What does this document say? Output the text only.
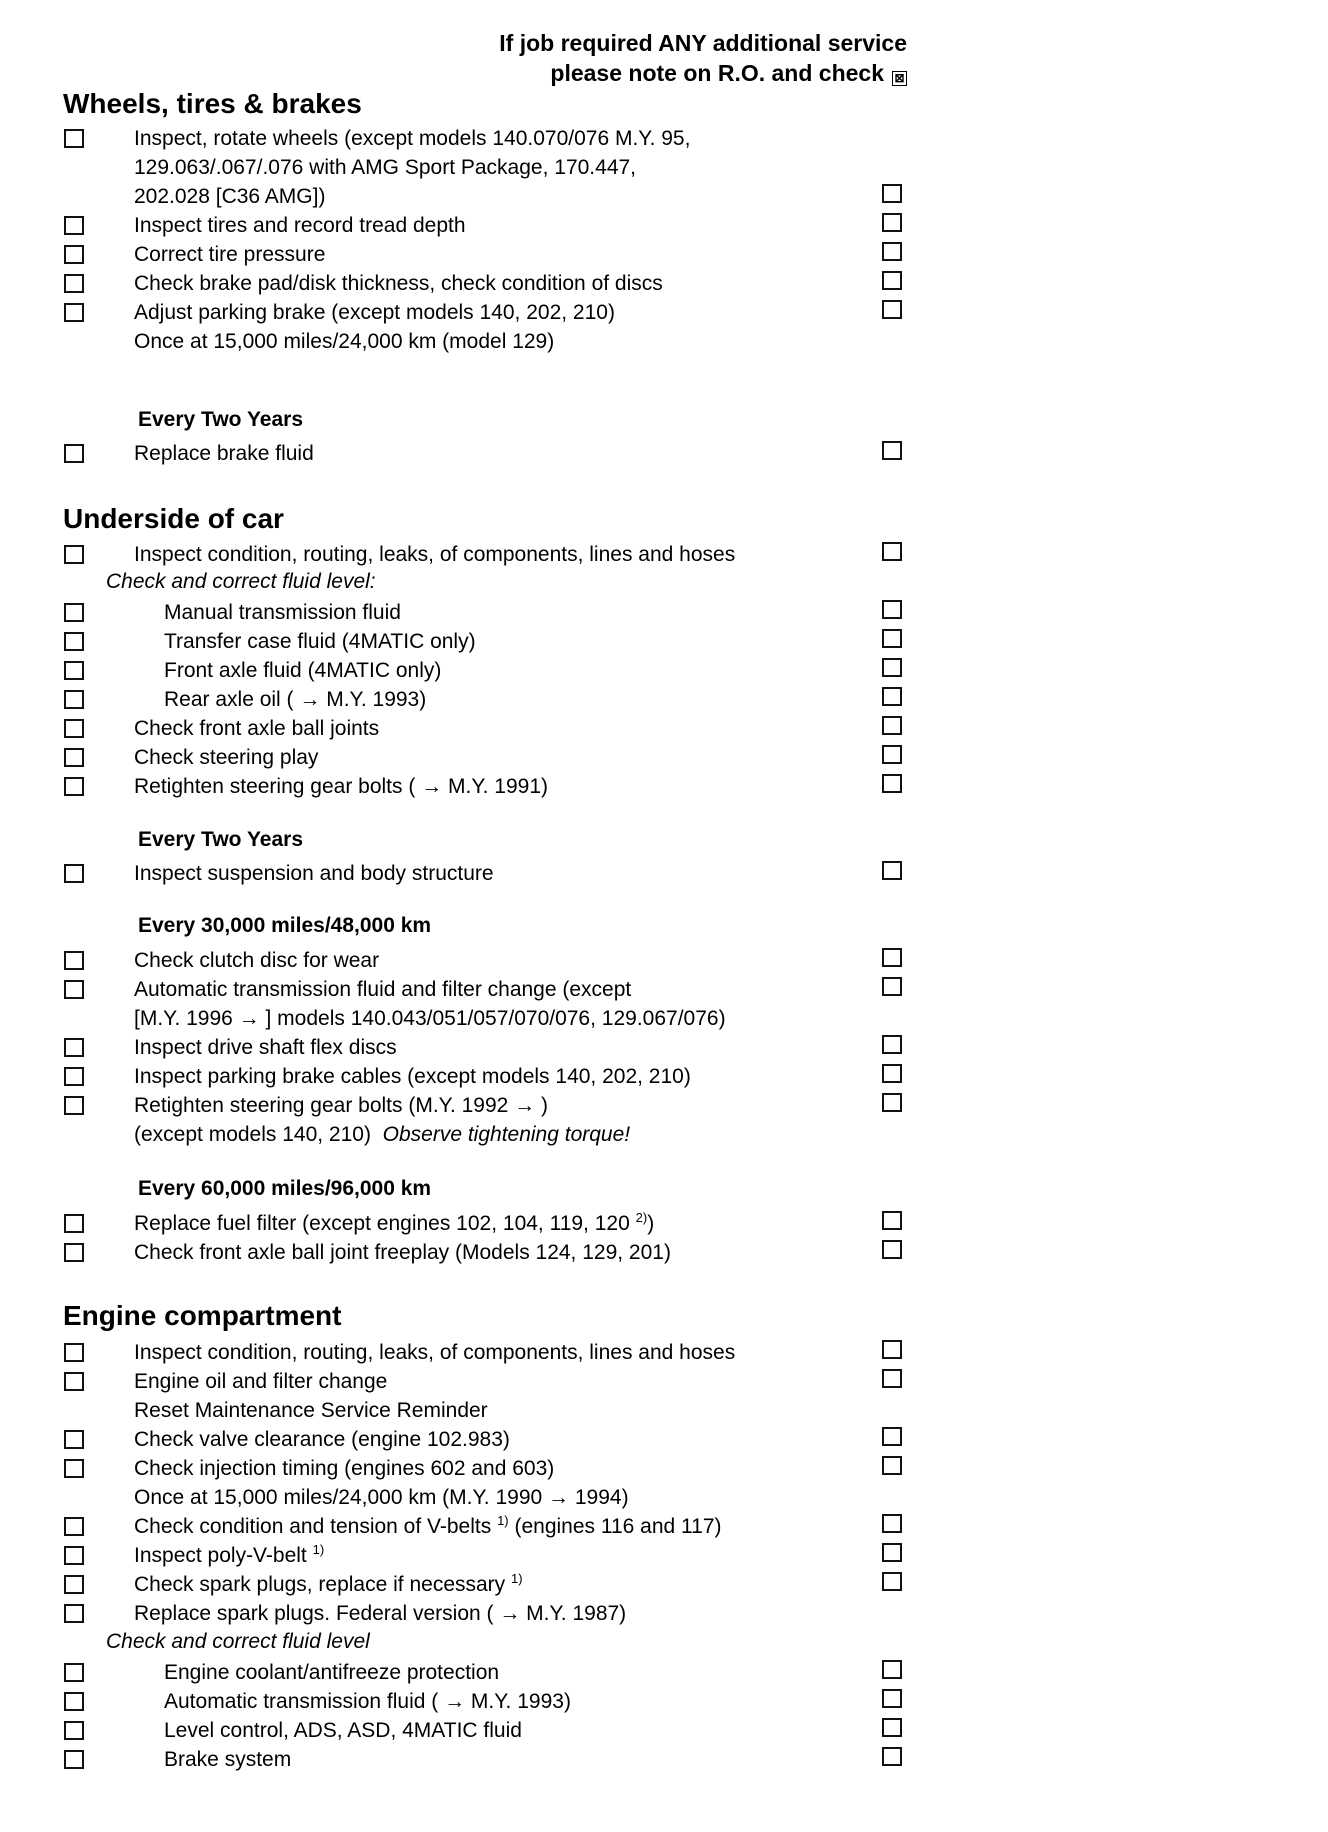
If job required ANY additional service
please note on R.O. and check ⊠
Wheels, tires & brakes
Inspect, rotate wheels (except models 140.070/076 M.Y. 95,
129.063/.067/.076 with AMG Sport Package, 170.447,
202.028 [C36 AMG])
Inspect tires and record tread depth
Correct tire pressure
Check brake pad/disk thickness, check condition of discs
Adjust parking brake (except models 140, 202, 210)
Once at 15,000 miles/24,000 km (model 129)
Every Two Years
Replace brake fluid
Underside of car
Inspect condition, routing, leaks, of components, lines and hoses
Check and correct fluid level:
Manual transmission fluid
Transfer case fluid (4MATIC only)
Front axle fluid (4MATIC only)
Rear axle oil ( → M.Y. 1993)
Check front axle ball joints
Check steering play
Retighten steering gear bolts ( → M.Y. 1991)
Every Two Years
Inspect suspension and body structure
Every 30,000 miles/48,000 km
Check clutch disc for wear
Automatic transmission fluid and filter change (except
[M.Y. 1996 → ] models 140.043/051/057/070/076, 129.067/076)
Inspect drive shaft flex discs
Inspect parking brake cables (except models 140, 202, 210)
Retighten steering gear bolts (M.Y. 1992 → )
(except models 140, 210) Observe tightening torque!
Every 60,000 miles/96,000 km
Replace fuel filter (except engines 102, 104, 119, 120 $^{2)}$)
Check front axle ball joint freeplay (Models 124, 129, 201)
Engine compartment
Inspect condition, routing, leaks, of components, lines and hoses
Engine oil and filter change
Reset Maintenance Service Reminder
Check valve clearance (engine 102.983)
Check injection timing (engines 602 and 603)
Once at 15,000 miles/24,000 km (M.Y. 1990 → 1994)
Check condition and tension of V-belts $^{1)}$ (engines 116 and 117)
Inspect poly-V-belt $^{1)}$
Check spark plugs, replace if necessary $^{1)}$
Replace spark plugs. Federal version ( → M.Y. 1987)
Check and correct fluid level
Engine coolant/antifreeze protection
Automatic transmission fluid ( → M.Y. 1993)
Level control, ADS, ASD, 4MATIC fluid
Brake system
